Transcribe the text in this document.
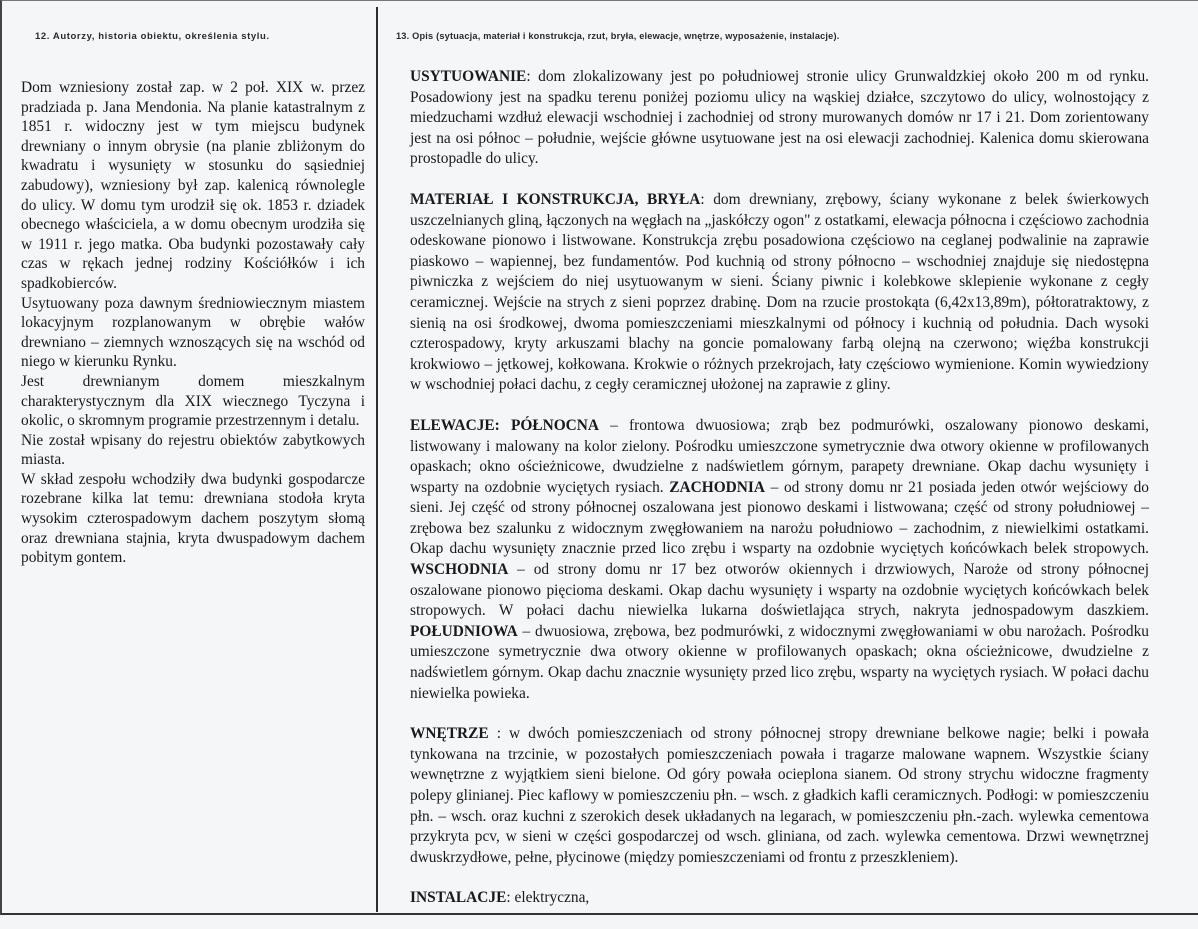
12. Autorzy, historia obiektu, określenia stylu.	13. Opis (sytuacja, materiał i konstrukcja, rzut, bryła, elewacje, wnętrze, wyposażenie, instalacje).

Dom wzniesiony został zap. w 2 poł. XIX w. przez pradziada p. Jana Mendonia. Na planie katastralnym z 1851 r. widoczny jest w tym miejscu budynek drewniany o innym obrysie (na planie zbliżonym do kwadratu i wysunięty w stosunku do sąsiedniej zabudowy), wzniesiony był zap. kalenicą równolegle do ulicy. W domu tym urodził się ok. 1853 r. dziadek obecnego właściciela, a w domu obecnym urodziła się w 1911 r. jego matka. Oba budynki pozostawały cały czas w rękach jednej rodziny Kościółków i ich spadkobierców.

Usytuowany poza dawnym średniowiecznym miastem lokacyjnym rozplanowanym w obrębie wałów drewniano – ziemnych wznoszących się na wschód od niego w kierunku Rynku.

Jest drewnianym domem mieszkalnym charakterystycznym dla XIX wiecznego Tyczyna i okolic, o skromnym programie przestrzennym i detalu.

Nie został wpisany do rejestru obiektów zabytkowych miasta.

W skład zespołu wchodziły dwa budynki gospodarcze rozebrane kilka lat temu: drewniana stodoła kryta wysokim czterospadowym dachem poszytym słomą oraz drewniana stajnia, kryta dwuspadowym dachem pobitym gontem.

USYTUOWANIE: dom zlokalizowany jest po południowej stronie ulicy Grunwaldzkiej około 200 m od rynku. Posadowiony jest na spadku terenu poniżej poziomu ulicy na wąskiej działce, szczytowo do ulicy, wolnostojący z miedzuchami wzdłuż elewacji wschodniej i zachodniej od strony murowanych domów nr 17 i 21. Dom zorientowany jest na osi północ – południe, wejście główne usytuowane jest na osi elewacji zachodniej. Kalenica domu skierowana prostopadle do ulicy.

MATERIAŁ I KONSTRUKCJA, BRYŁA: dom drewniany, zrębowy, ściany wykonane z belek świerkowych uszczelnianych gliną, łączonych na węgłach na „jaskółczy ogon" z ostatkami, elewacja północna i częściowo zachodnia odeskowane pionowo i listwowane. Konstrukcja zrębu posadowiona częściowo na ceglanej podwalinie na zaprawie piaskowo – wapiennej, bez fundamentów. Pod kuchnią od strony północno – wschodniej znajduje się niedostępna piwniczka z wejściem do niej usytuowanym w sieni. Ściany piwnic i kolebkowe sklepienie wykonane z cegły ceramicznej. Wejście na strych z sieni poprzez drabinę. Dom na rzucie prostokąta (6,42x13,89m), półtoratraktowy, z sienią na osi środkowej, dwoma pomieszczeniami mieszkalnymi od północy i kuchnią od południa. Dach wysoki czterospadowy, kryty arkuszami blachy na goncie pomalowany farbą olejną na czerwono; więźba konstrukcji krokwiowo – jętkowej, kołkowana. Krokwie o różnych przekrojach, łaty częściowo wymienione. Komin wywiedziony w wschodniej połaci dachu, z cegły ceramicznej ułożonej na zaprawie z gliny.

ELEWACJE: PÓŁNOCNA – frontowa dwuosiowa; zrąb bez podmurówki, oszalowany pionowo deskami, listwowany i malowany na kolor zielony. Pośrodku umieszczone symetrycznie dwa otwory okienne w profilowanych opaskach; okno ościeżnicowe, dwudzielne z nadświetlem górnym, parapety drewniane. Okap dachu wysunięty i wsparty na ozdobnie wyciętych rysiach. ZACHODNIA – od strony domu nr 21 posiada jeden otwór wejściowy do sieni. Jej część od strony północnej oszalowana jest pionowo deskami i listwowana; część od strony południowej – zrębowa bez szalunku z widocznym zwęgłowaniem na narożu południowo – zachodnim, z niewielkimi ostatkami. Okap dachu wysunięty znacznie przed lico zrębu i wsparty na ozdobnie wyciętych końcówkach belek stropowych. WSCHODNIA – od strony domu nr 17 bez otworów okiennych i drzwiowych, Naroże od strony północnej oszalowane pionowo pięcioma deskami. Okap dachu wysunięty i wsparty na ozdobnie wyciętych końcówkach belek stropowych. W połaci dachu niewielka lukarna doświetlająca strych, nakryta jednospadowym daszkiem. POŁUDNIOWA – dwuosiowa, zrębowa, bez podmurówki, z widocznymi zwęgłowaniami w obu narożach. Pośrodku umieszczone symetrycznie dwa otwory okienne w profilowanych opaskach; okna ościeżnicowe, dwudzielne z nadświetlem górnym. Okap dachu znacznie wysunięty przed lico zrębu, wsparty na wyciętych rysiach. W połaci dachu niewielka powieka.

WNĘTRZE : w dwóch pomieszczeniach od strony północnej stropy drewniane belkowe nagie; belki i powała tynkowana na trzcinie, w pozostałych pomieszczeniach powała i tragarze malowane wapnem. Wszystkie ściany wewnętrzne z wyjątkiem sieni bielone. Od góry powała ocieplona sianem. Od strony strychu widoczne fragmenty polepy glinianej. Piec kaflowy w pomieszczeniu płn. – wsch. z gładkich kafli ceramicznych. Podłogi: w pomieszczeniu płn. – wsch. oraz kuchni z szerokich desek układanych na legarach, w pomieszczeniu płn.-zach. wylewka cementowa przykryta pcv, w sieni w części gospodarczej od wsch. gliniana, od zach. wylewka cementowa. Drzwi wewnętrznej dwuskrzydłowe, pełne, płycinowe (między pomieszczeniami od frontu z przeszkleniem).

INSTALACJE: elektryczna,
